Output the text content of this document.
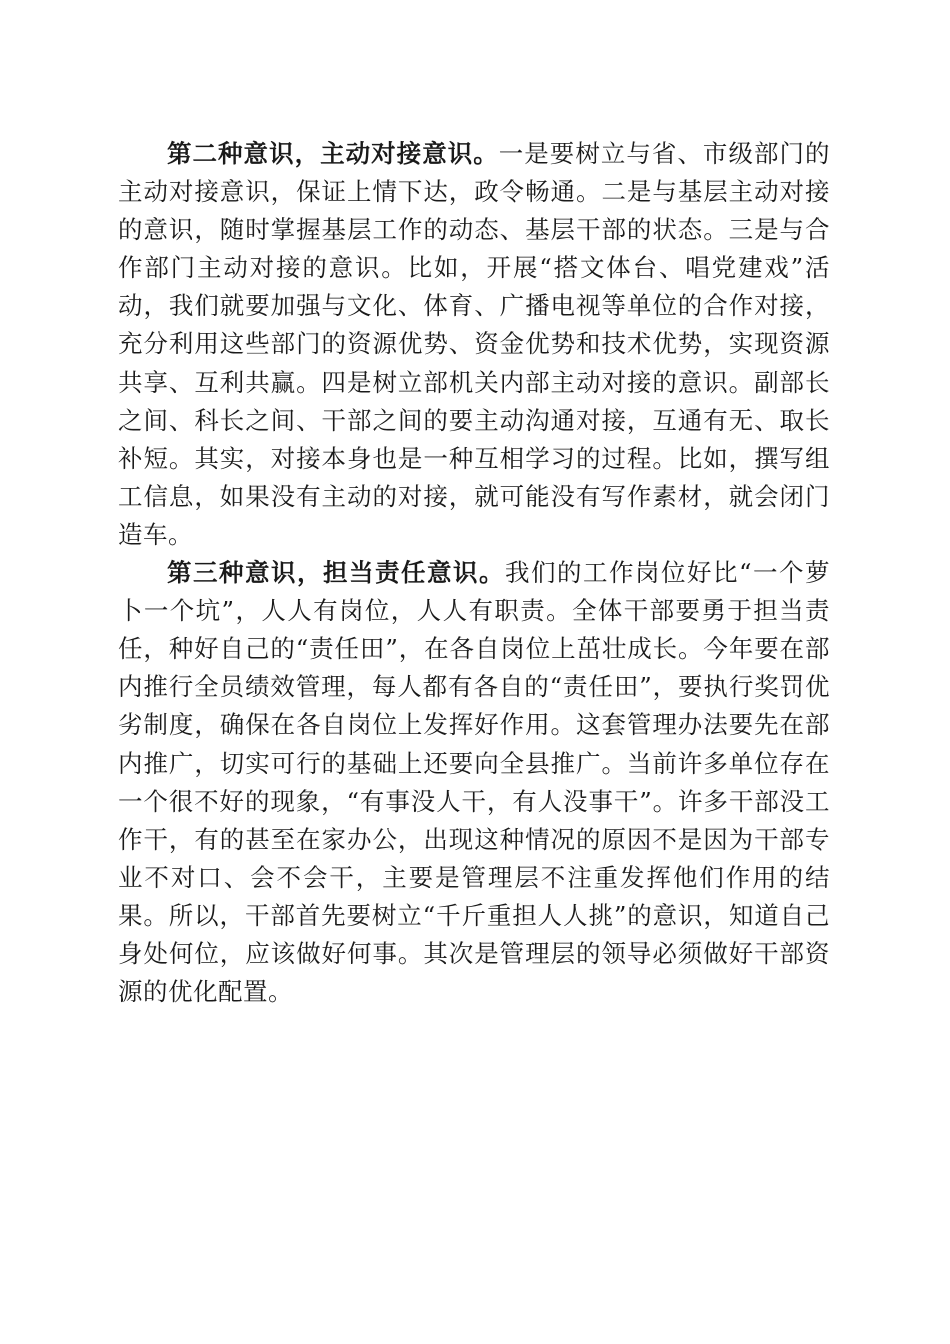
第二种意识，主动对接意识。一是要树立与省、市级部门的主动对接意识，保证上情下达，政令畅通。二是与基层主动对接的意识，随时掌握基层工作的动态、基层干部的状态。三是与合作部门主动对接的意识。比如，开展“搭文体台、唱党建戏”活动，我们就要加强与文化、体育、广播电视等单位的合作对接，充分利用这些部门的资源优势、资金优势和技术优势，实现资源共享、互利共赢。四是树立部机关内部主动对接的意识。副部长之间、科长之间、干部之间的要主动沟通对接，互通有无、取长补短。其实，对接本身也是一种互相学习的过程。比如，撰写组工信息，如果没有主动的对接，就可能没有写作素材，就会闭门造车。

第三种意识，担当责任意识。我们的工作岗位好比“一个萝卜一个坑”，人人有岗位，人人有职责。全体干部要勇于担当责任，种好自己的“责任田”，在各自岗位上茁壮成长。今年要在部内推行全员绩效管理，每人都有各自的“责任田”，要执行奖罚优劣制度，确保在各自岗位上发挥好作用。这套管理办法要先在部内推广，切实可行的基础上还要向全县推广。当前许多单位存在一个很不好的现象，“有事没人干，有人没事干”。许多干部没工作干，有的甚至在家办公，出现这种情况的原因不是因为干部专业不对口、会不会干，主要是管理层不注重发挥他们作用的结果。所以，干部首先要树立“千斤重担人人挑”的意识，知道自己身处何位，应该做好何事。其次是管理层的领导必须做好干部资源的优化配置。
